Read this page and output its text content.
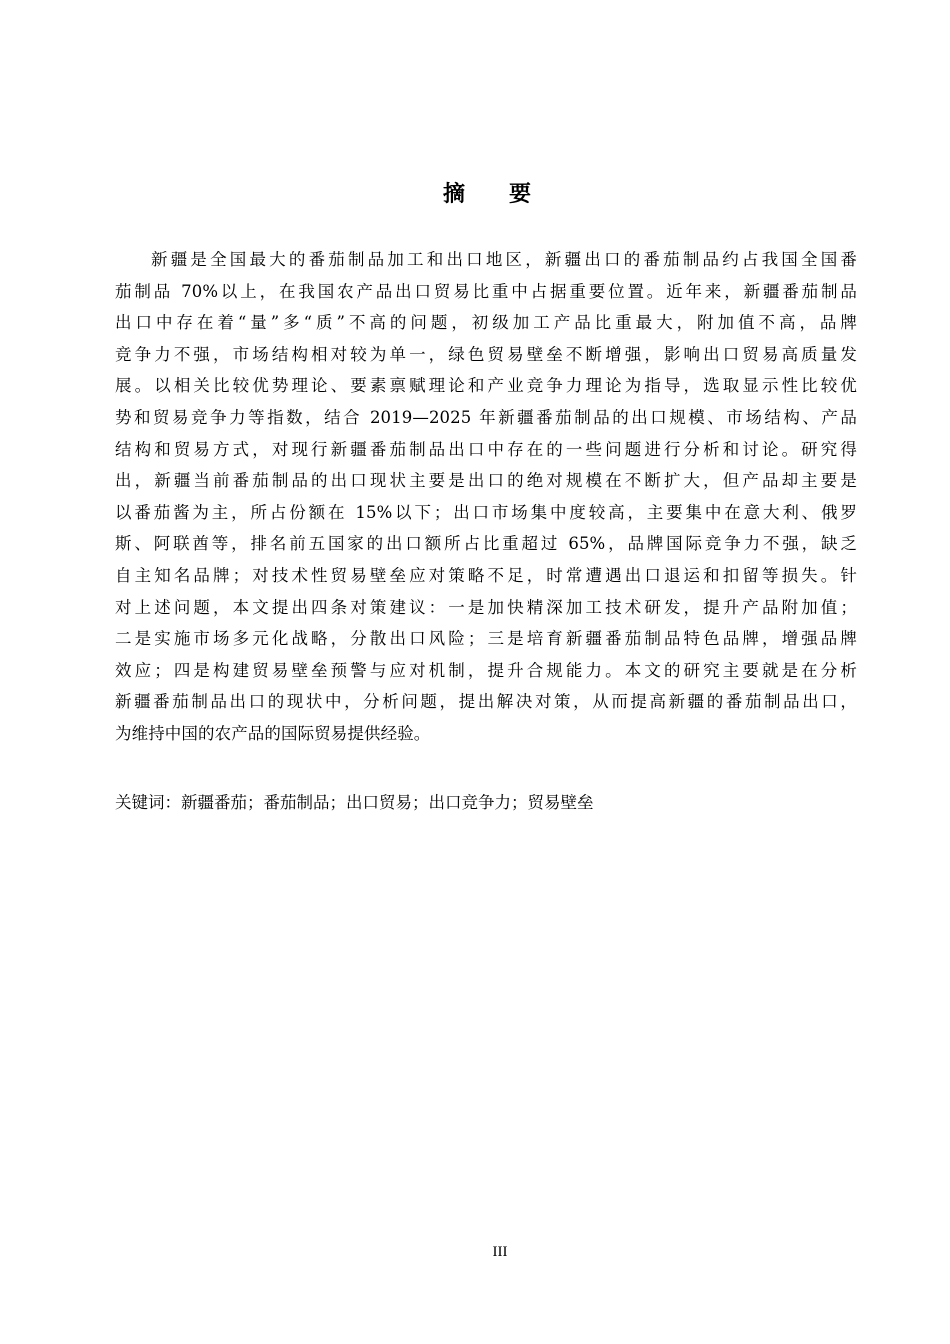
摘 要
新疆是全国最大的番茄制品加工和出口地区，新疆出口的番茄制品约占我国全国番
茄制品 70%以上，在我国农产品出口贸易比重中占据重要位置。近年来，新疆番茄制品
出口中存在着“量”多“质”不高的问题，初级加工产品比重最大，附加值不高，品牌
竞争力不强，市场结构相对较为单一，绿色贸易壁垒不断增强，影响出口贸易高质量发
展。以相关比较优势理论、要素禀赋理论和产业竞争力理论为指导，选取显示性比较优
势和贸易竞争力等指数，结合 2019—2025 年新疆番茄制品的出口规模、市场结构、产品
结构和贸易方式，对现行新疆番茄制品出口中存在的一些问题进行分析和讨论。研究得
出，新疆当前番茄制品的出口现状主要是出口的绝对规模在不断扩大，但产品却主要是
以番茄酱为主，所占份额在 15%以下；出口市场集中度较高，主要集中在意大利、俄罗
斯、阿联酋等，排名前五国家的出口额所占比重超过 65%，品牌国际竞争力不强，缺乏
自主知名品牌；对技术性贸易壁垒应对策略不足，时常遭遇出口退运和扣留等损失。针
对上述问题，本文提出四条对策建议：一是加快精深加工技术研发，提升产品附加值；
二是实施市场多元化战略，分散出口风险；三是培育新疆番茄制品特色品牌，增强品牌
效应；四是构建贸易壁垒预警与应对机制，提升合规能力。本文的研究主要就是在分析
新疆番茄制品出口的现状中，分析问题，提出解决对策，从而提高新疆的番茄制品出口，
为维持中国的农产品的国际贸易提供经验。
关键词：新疆番茄；番茄制品；出口贸易；出口竞争力；贸易壁垒
III
